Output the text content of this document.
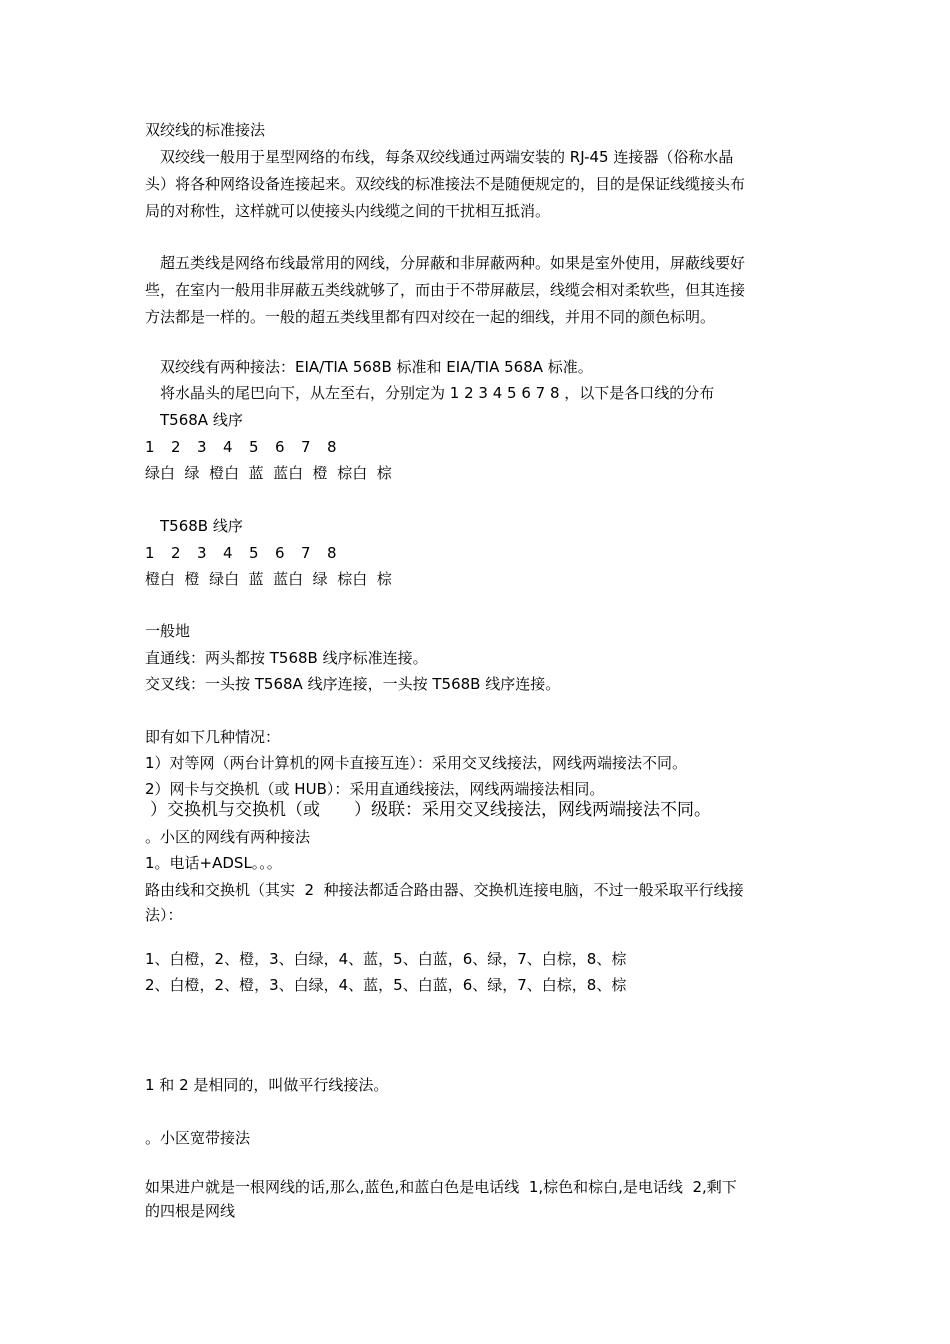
双绞线的标准接法
双绞线一般用于星型网络的布线，每条双绞线通过两端安装的 RJ-45 连接器（俗称水晶
头）将各种网络设备连接起来。双绞线的标准接法不是随便规定的，目的是保证线缆接头布
局的对称性，这样就可以使接头内线缆之间的干扰相互抵消。
超五类线是网络布线最常用的网线，分屏蔽和非屏蔽两种。如果是室外使用，屏蔽线要好
些，在室内一般用非屏蔽五类线就够了，而由于不带屏蔽层，线缆会相对柔软些，但其连接
方法都是一样的。一般的超五类线里都有四对绞在一起的细线，并用不同的颜色标明。
双绞线有两种接法：EIA/TIA 568B 标准和 EIA/TIA 568A 标准。
将水晶头的尾巴向下，从左至右，分别定为 1 2 3 4 5 6 7 8 ，以下是各口线的分布
T568A 线序
1 2 3 4 5 6 7 8
绿白  绿  橙白  蓝  蓝白  橙  棕白  棕
T568B 线序
1 2 3 4 5 6 7 8
橙白  橙  绿白  蓝  蓝白  绿  棕白  棕
一般地
直通线：两头都按 T568B 线序标准连接。
交叉线：一头按 T568A 线序连接，一头按 T568B 线序连接。
即有如下几种情况：
1）对等网（两台计算机的网卡直接互连）：采用交叉线接法，网线两端接法不同。
2）网卡与交换机（或 HUB）：采用直通线接法，网线两端接法相同。
）交换机与交换机（或　　）级联：采用交叉线接法，网线两端接法不同。
。小区的网线有两种接法
1。电话+ADSL。。。
路由线和交换机（其实  2  种接法都适合路由器、交换机连接电脑，不过一般采取平行线接
法）：
1、白橙，2、橙，3、白绿，4、蓝，5、白蓝，6、绿，7、白棕，8、棕
2、白橙，2、橙，3、白绿，4、蓝，5、白蓝，6、绿，7、白棕，8、棕
1 和 2 是相同的，叫做平行线接法。
。小区宽带接法
如果进户就是一根网线的话,那么,蓝色,和蓝白色是电话线  1,棕色和棕白,是电话线  2,剩下
的四根是网线
